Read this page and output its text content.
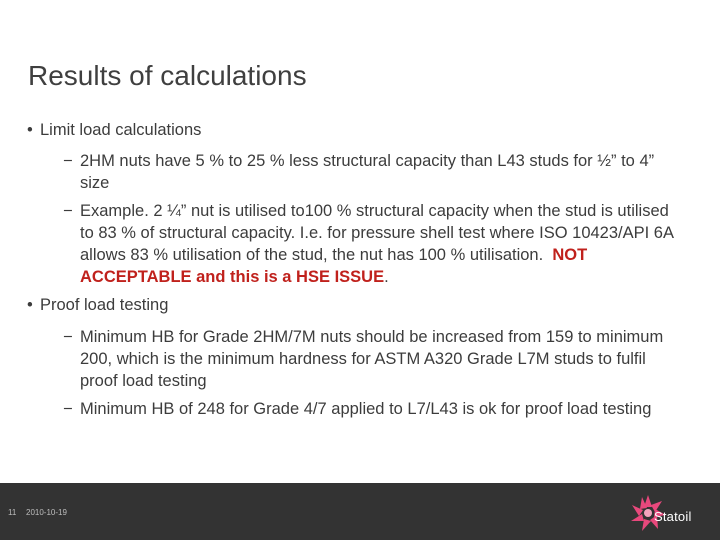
Results of calculations
• Limit load calculations
− 2HM nuts have 5 % to 25 % less structural capacity than L43 studs for ½” to 4” size
− Example. 2 ¼” nut is utilised to100 % structural capacity when the stud is utilised to 83 % of structural capacity. I.e. for pressure shell test where ISO 10423/API 6A allows 83 % utilisation of the stud, the nut has 100 % utilisation. NOT ACCEPTABLE and this is a HSE ISSUE.
• Proof load testing
− Minimum HB for Grade 2HM/7M nuts should be increased from 159 to minimum 200, which is the minimum hardness for ASTM A320 Grade L7M studs to fulfil proof load testing
− Minimum HB of 248 for Grade 4/7 applied to L7/L43 is ok for proof load testing
11 2010-10-19	Statoil
